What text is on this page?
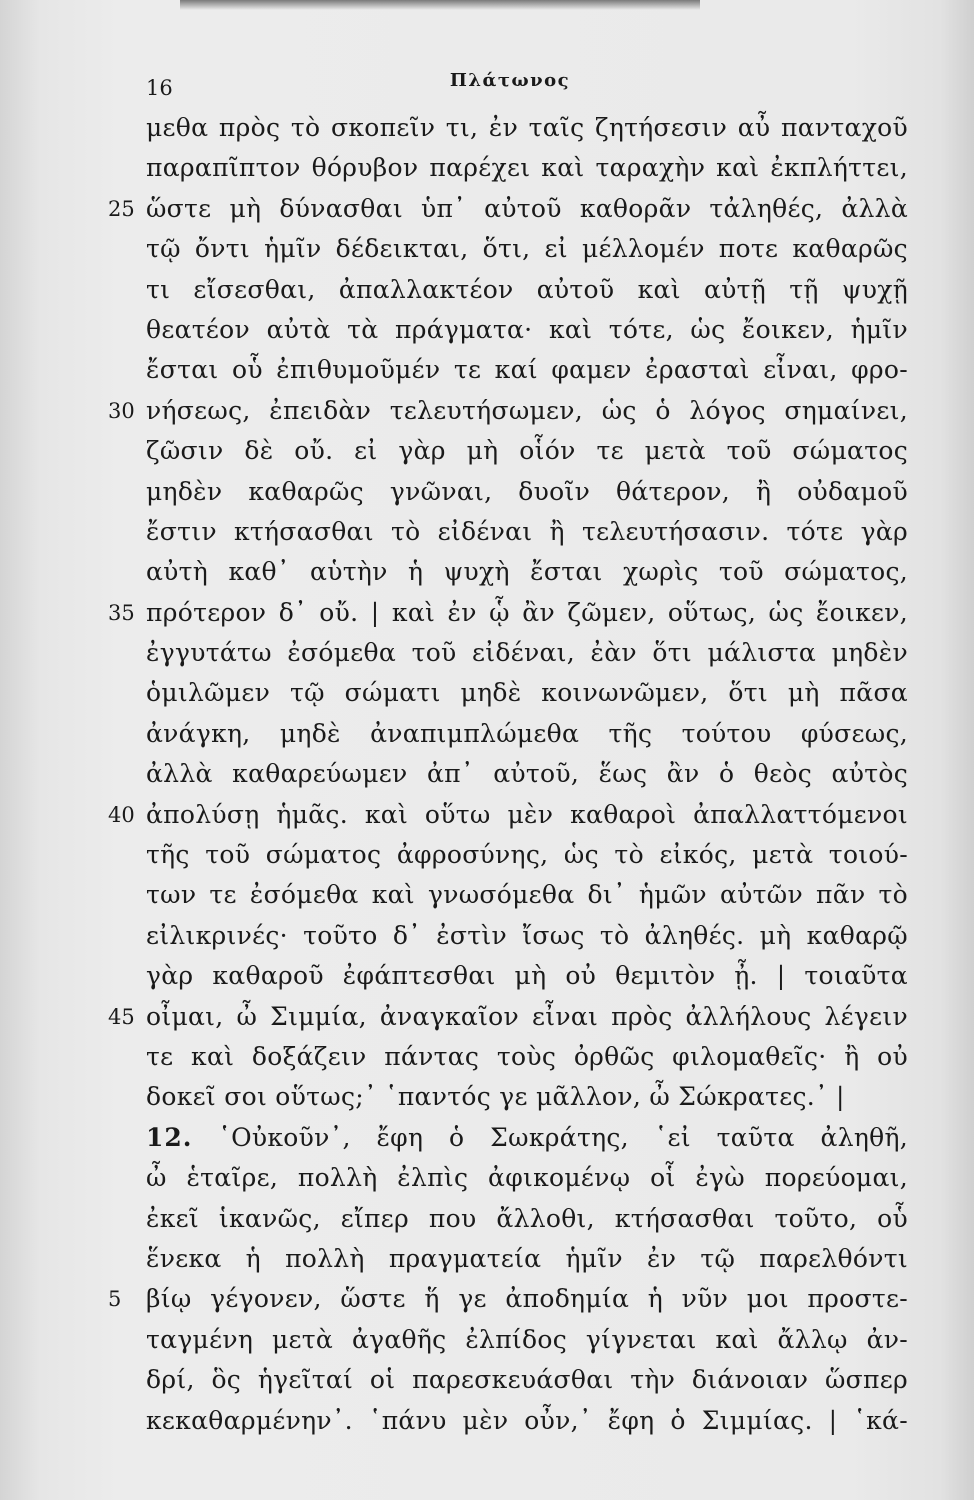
16	Πλάτωνος
μεθα πρὸς τὸ σκοπεῖν τι, ἐν ταῖς ζητήσεσιν αὖ πανταχοῦ
παραπῖπτον θόρυβον παρέχει καὶ ταραχὴν καὶ ἐκπλήττει,
25 ὥστε μὴ δύνασθαι ὑπ᾽ αὐτοῦ καθορᾶν τἀληθές, ἀλλὰ
τῷ ὄντι ἡμῖν δέδεικται, ὅτι, εἰ μέλλομέν ποτε καθαρῶς
τι εἴσεσθαι, ἀπαλλακτέον αὐτοῦ καὶ αὐτῇ τῇ ψυχῇ
θεατέον αὐτὰ τὰ πράγματα· καὶ τότε, ὡς ἔοικεν, ἡμῖν
ἔσται οὗ ἐπιθυμοῦμέν τε καί φαμεν ἐρασταὶ εἶναι, φρο-
30 νήσεως, ἐπειδὰν τελευτήσωμεν, ὡς ὁ λόγος σημαίνει,
ζῶσιν δὲ οὔ. εἰ γὰρ μὴ οἷόν τε μετὰ τοῦ σώματος
μηδὲν καθαρῶς γνῶναι, δυοῖν θάτερον, ἢ οὐδαμοῦ
ἔστιν κτήσασθαι τὸ εἰδέναι ἢ τελευτήσασιν. τότε γὰρ
αὐτὴ καθ᾽ αὑτὴν ἡ ψυχὴ ἔσται χωρὶς τοῦ σώματος,
35 πρότερον δ᾽ οὔ. | καὶ ἐν ᾧ ἂν ζῶμεν, οὕτως, ὡς ἔοικεν,
ἐγγυτάτω ἐσόμεθα τοῦ εἰδέναι, ἐὰν ὅτι μάλιστα μηδὲν
ὁμιλῶμεν τῷ σώματι μηδὲ κοινωνῶμεν, ὅτι μὴ πᾶσα
ἀνάγκη, μηδὲ ἀναπιμπλώμεθα τῆς τούτου φύσεως,
ἀλλὰ καθαρεύωμεν ἀπ᾽ αὐτοῦ, ἕως ἂν ὁ θεὸς αὐτὸς
40 ἀπολύσῃ ἡμᾶς. καὶ οὕτω μὲν καθαροὶ ἀπαλλαττόμενοι
τῆς τοῦ σώματος ἀφροσύνης, ὡς τὸ εἰκός, μετὰ τοιού-
των τε ἐσόμεθα καὶ γνωσόμεθα δι᾽ ἡμῶν αὐτῶν πᾶν τὸ
εἰλικρινές· τοῦτο δ᾽ ἐστὶν ἴσως τὸ ἀληθές. μὴ καθαρῷ
γὰρ καθαροῦ ἐφάπτεσθαι μὴ οὐ θεμιτὸν ᾖ. | τοιαῦτα
45 οἶμαι, ὦ Σιμμία, ἀναγκαῖον εἶναι πρὸς ἀλλήλους λέγειν
τε καὶ δοξάζειν πάντας τοὺς ὀρθῶς φιλομαθεῖς· ἢ οὐ
δοκεῖ σοι οὕτως;᾽ ῾παντός γε μᾶλλον, ὦ Σώκρατες.᾽ |
12. ῾Οὐκοῦν᾽, ἔφη ὁ Σωκράτης, ῾εἰ ταῦτα ἀληθῆ,
ὦ ἑταῖρε, πολλὴ ἐλπὶς ἀφικομένῳ οἷ ἐγὼ πορεύομαι,
ἐκεῖ ἱκανῶς, εἴπερ που ἄλλοθι, κτήσασθαι τοῦτο, οὗ
ἕνεκα ἡ πολλὴ πραγματεία ἡμῖν ἐν τῷ παρελθόντι
5 βίῳ γέγονεν, ὥστε ἥ γε ἀποδημία ἡ νῦν μοι προστε-
ταγμένη μετὰ ἀγαθῆς ἐλπίδος γίγνεται καὶ ἄλλῳ ἀν-
δρί, ὃς ἡγεῖταί οἱ παρεσκευάσθαι τὴν διάνοιαν ὥσπερ
κεκαθαρμένην᾽. ῾πάνυ μὲν οὖν,᾽ ἔφη ὁ Σιμμίας. | ῾κά-
